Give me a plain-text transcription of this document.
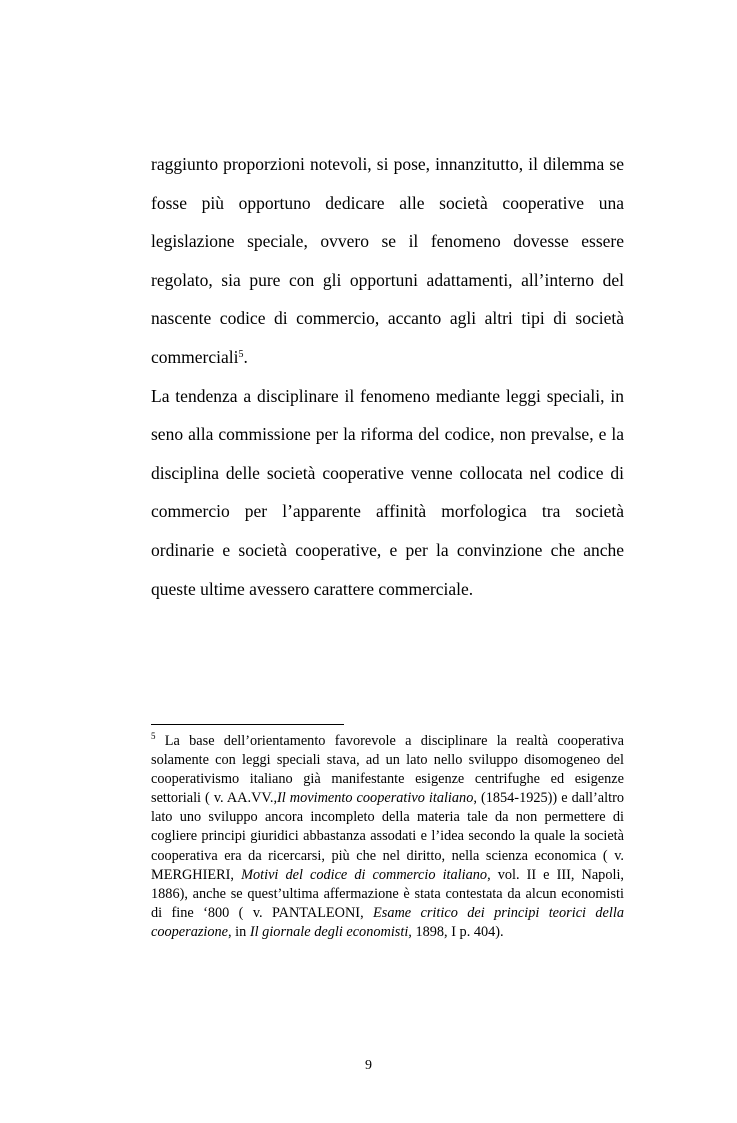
raggiunto proporzioni notevoli, si pose, innanzitutto, il dilemma se fosse più opportuno dedicare alle società cooperative una legislazione speciale, ovvero se il fenomeno dovesse essere regolato, sia pure con gli opportuni adattamenti, all’interno del nascente codice di commercio, accanto agli altri tipi di società commerciali$^5$.

La tendenza a disciplinare il fenomeno mediante leggi speciali, in seno alla commissione per la riforma del codice, non prevalse, e la disciplina delle società cooperative venne collocata nel codice di commercio per l’apparente affinità morfologica tra società ordinarie e società cooperative, e per la convinzione che anche queste ultime avessero carattere commerciale.

$^5$ La base dell’orientamento favorevole a disciplinare la realtà cooperativa solamente con leggi speciali stava, ad un lato nello sviluppo disomogeneo del cooperativismo italiano già manifestante esigenze centrifughe ed esigenze settoriali ( v. AA.VV.,Il movimento cooperativo italiano, (1854-1925)) e dall’altro lato uno sviluppo ancora incompleto della materia tale da non permettere di cogliere principi giuridici abbastanza assodati e l’idea secondo la quale la società cooperativa era da ricercarsi, più che nel diritto, nella scienza economica ( v. MERGHIERI, Motivi del codice di commercio italiano, vol. II e III, Napoli, 1886), anche se quest’ultima affermazione è stata contestata da alcun economisti di fine ‘800 ( v. PANTALEONI, Esame critico dei principi teorici della cooperazione, in Il giornale degli economisti, 1898, I p. 404).

9
